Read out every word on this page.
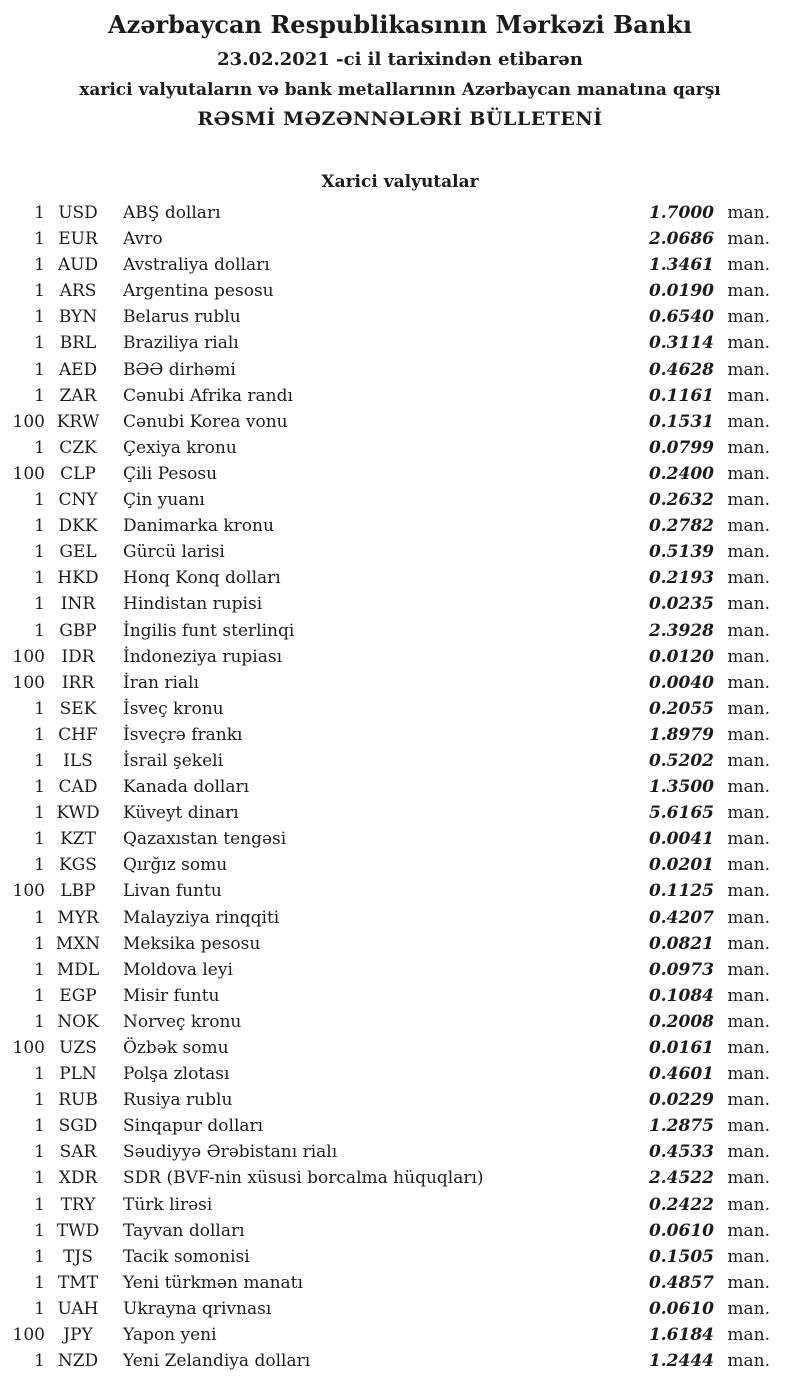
Azərbaycan Respublikasının Mərkəzi Bankı
23.02.2021 -ci il tarixindən etibarən
xarici valyutaların və bank metallarının Azərbaycan manatına qarşı
RƏSMİ MƏZƏNNƏLƏRİ BÜLLETENİ
Xarici valyutalar
1 USD	ABŞ dolları	1.7000 man.
1 EUR	Avro	2.0686 man.
1 AUD	Avstraliya dolları	1.3461 man.
1 ARS	Argentina pesosu	0.0190 man.
1 BYN	Belarus rublu	0.6540 man.
1 BRL	Braziliya rialı	0.3114 man.
1 AED	BƏƏ dirhəmi	0.4628 man.
1 ZAR	Cənubi Afrika randı	0.1161 man.
100 KRW	Cənubi Korea vonu	0.1531 man.
1 CZK	Çexiya kronu	0.0799 man.
100 CLP	Çili Pesosu	0.2400 man.
1 CNY	Çin yuanı	0.2632 man.
1 DKK	Danimarka kronu	0.2782 man.
1 GEL	Gürcü larisi	0.5139 man.
1 HKD	Honq Konq dolları	0.2193 man.
1 INR	Hindistan rupisi	0.0235 man.
1 GBP	İngilis funt sterlinqi	2.3928 man.
100 IDR	İndoneziya rupiası	0.0120 man.
100 IRR	İran rialı	0.0040 man.
1 SEK	İsveç kronu	0.2055 man.
1 CHF	İsveçrə frankı	1.8979 man.
1	ILS	İsrail şekeli	0.5202 man.
1 CAD	Kanada dolları	1.3500 man.
1 KWD	Küveyt dinarı	5.6165 man.
1 KZT	Qazaxıstan tengəsi	0.0041 man.
1 KGS	Qırğız somu	0.0201 man.
100 LBP	Livan funtu	0.1125 man.
1 MYR	Malayziya rinqqiti	0.4207 man.
1 MXN	Meksika pesosu	0.0821 man.
1 MDL	Moldova leyi	0.0973 man.
1 EGP	Misir funtu	0.1084 man.
1 NOK	Norveç kronu	0.2008 man.
100 UZS	Özbək somu	0.0161 man.
1 PLN	Polşa zlotası	0.4601 man.
1 RUB	Rusiya rublu	0.0229 man.
1 SGD	Sinqapur dolları	1.2875 man.
1 SAR	Səudiyyə Ərəbistanı rialı	0.4533 man.
1 XDR	SDR (BVF-nin xüsusi borcalma hüquqları)	2.4522 man.
1 TRY	Türk lirəsi	0.2422 man.
1 TWD	Tayvan dolları	0.0610 man.
1	TJS	Tacik somonisi	0.1505 man.
1 TMT	Yeni türkmən manatı	0.4857 man.
1 UAH	Ukrayna qrivnası	0.0610 man.
100	JPY	Yapon yeni	1.6184 man.
1 NZD	Yeni Zelandiya dolları	1.2444 man.
